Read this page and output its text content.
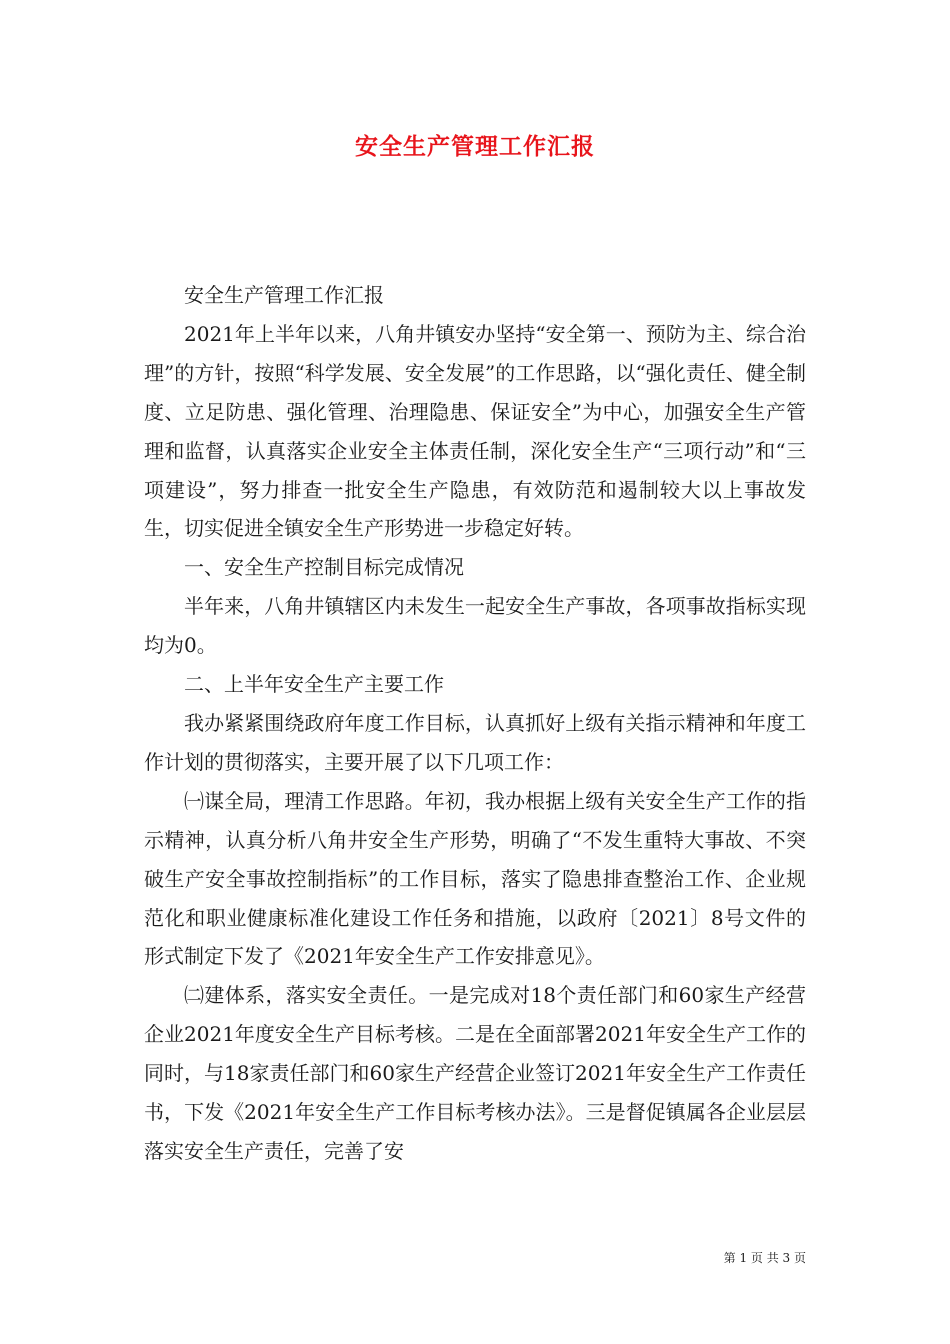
安全生产管理工作汇报

安全生产管理工作汇报

2021年上半年以来，八角井镇安办坚持“安全第一、预防为主、综合治理”的方针，按照“科学发展、安全发展”的工作思路，以“强化责任、健全制度、立足防患、强化管理、治理隐患、保证安全”为中心，加强安全生产管理和监督，认真落实企业安全主体责任制，深化安全生产“三项行动”和“三项建设”，努力排查一批安全生产隐患，有效防范和遏制较大以上事故发生，切实促进全镇安全生产形势进一步稳定好转。

一、安全生产控制目标完成情况

半年来，八角井镇辖区内未发生一起安全生产事故，各项事故指标实现均为0。

二、上半年安全生产主要工作

我办紧紧围绕政府年度工作目标，认真抓好上级有关指示精神和年度工作计划的贯彻落实，主要开展了以下几项工作：

㈠谋全局，理清工作思路。年初，我办根据上级有关安全生产工作的指示精神，认真分析八角井安全生产形势，明确了“不发生重特大事故、不突破生产安全事故控制指标”的工作目标，落实了隐患排查整治工作、企业规范化和职业健康标准化建设工作任务和措施，以政府〔2021〕8号文件的形式制定下发了《2021年安全生产工作安排意见》。

㈡建体系，落实安全责任。一是完成对18个责任部门和60家生产经营企业2021年度安全生产目标考核。二是在全面部署2021年安全生产工作的同时，与18家责任部门和60家生产经营企业签订2021年安全生产工作责任书，下发《2021年安全生产工作目标考核办法》。三是督促镇属各企业层层落实安全生产责任，完善了安

第 1 页 共 3 页
